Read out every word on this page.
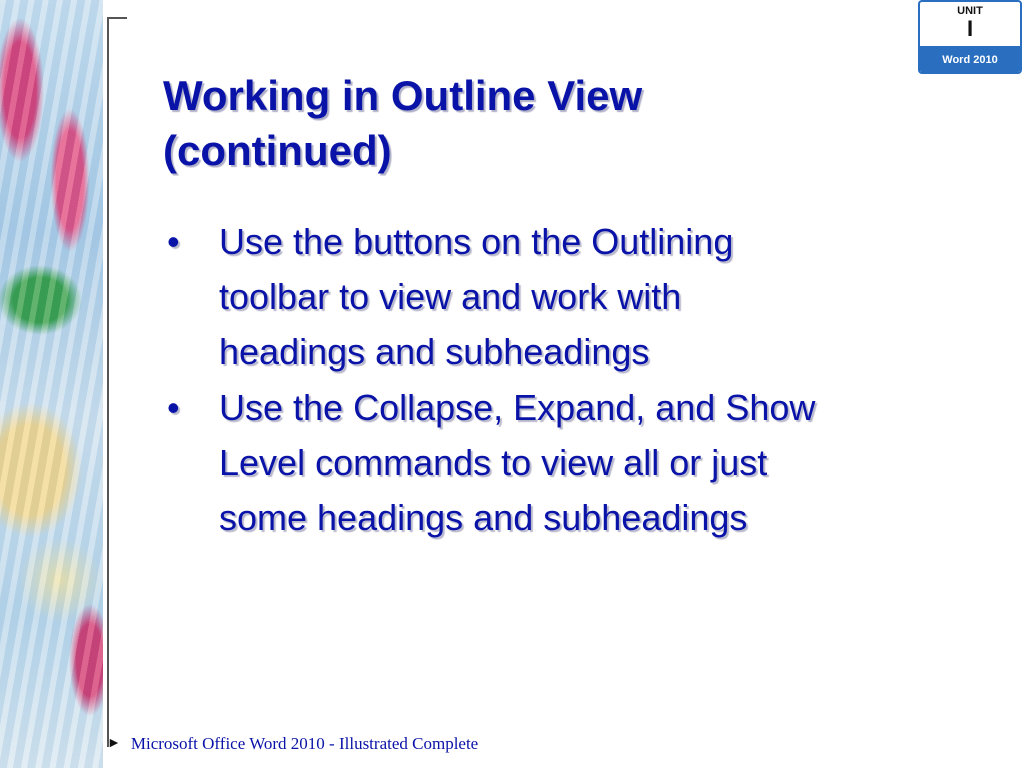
UNIT
I
Word 2010
Working in Outline View
(continued)
• Use the buttons on the Outlining
toolbar to view and work with
headings and subheadings
• Use the Collapse, Expand, and Show
Level commands to view all or just
some headings and subheadings
► Microsoft Office Word 2010 - Illustrated Complete
